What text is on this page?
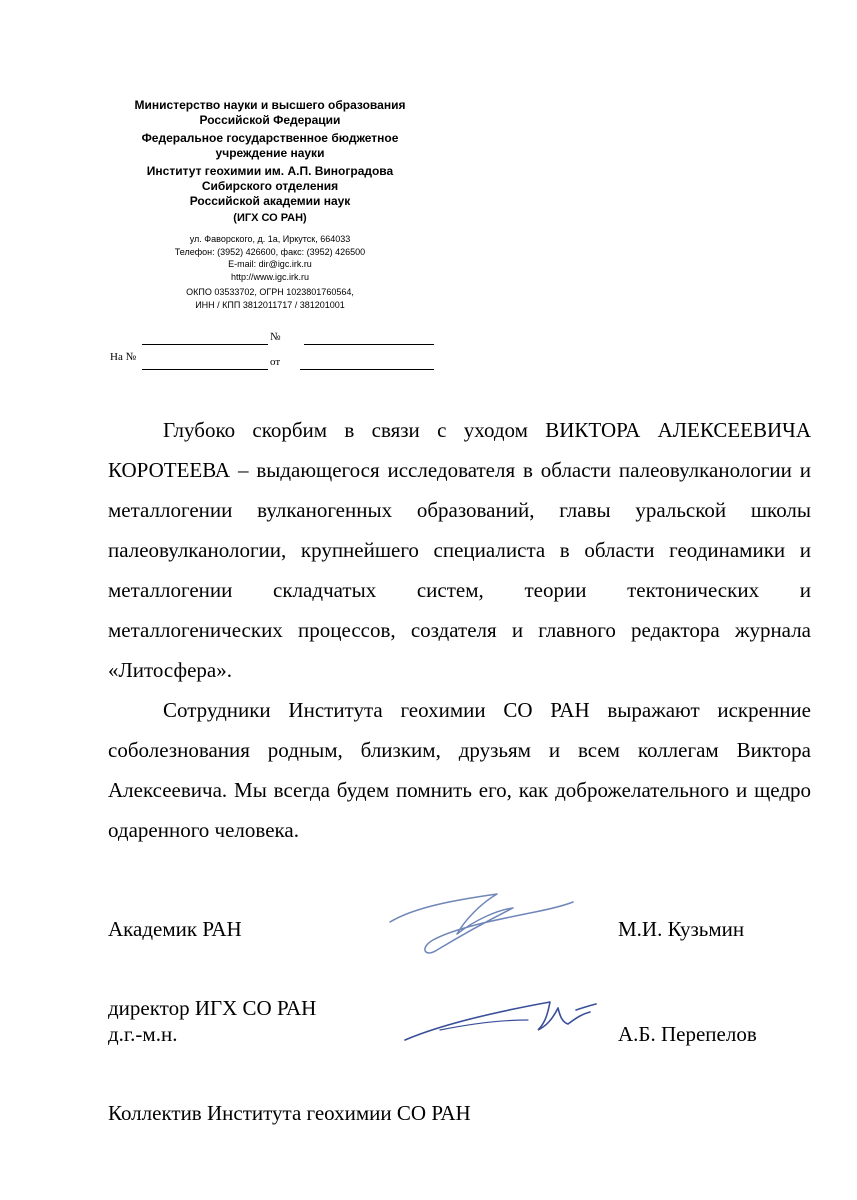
Министерство науки и высшего образования

Российской Федерации

Федеральное государственное бюджетное

учреждение науки

Институт геохимии им. А.П. Виноградова

Сибирского отделения

Российской академии наук

(ИГХ СО РАН)

ул. Фаворского, д. 1а, Иркутск, 664033

Телефон: (3952) 426600, факс: (3952) 426500

E-mail: dir@igc.irk.ru

http://www.igc.irk.ru

ОКПО 03533702, ОГРН 1023801760564,

ИНН / КПП 3812011717 / 381201001

№
На №	от

Глубоко скорбим в связи с уходом ВИКТОРА АЛЕКСЕЕВИЧА КОРОТЕЕВА – выдающегося исследователя в области палеовулканологии и металлогении вулканогенных образований, главы уральской школы палеовулканологии, крупнейшего специалиста в области геодинамики и металлогении складчатых систем, теории тектонических и металлогенических процессов, создателя и главного редактора журнала «Литосфера».

Сотрудники Института геохимии СО РАН выражают искренние соболезнования родным, близким, друзьям и всем коллегам Виктора Алексеевича. Мы всегда будем помнить его, как доброжелательного и щедро одаренного человека.

Академик РАН	М.И. Кузьмин
директор ИГХ СО РАН
д.г.-м.н.	А.Б. Перепелов
Коллектив Института геохимии СО РАН
